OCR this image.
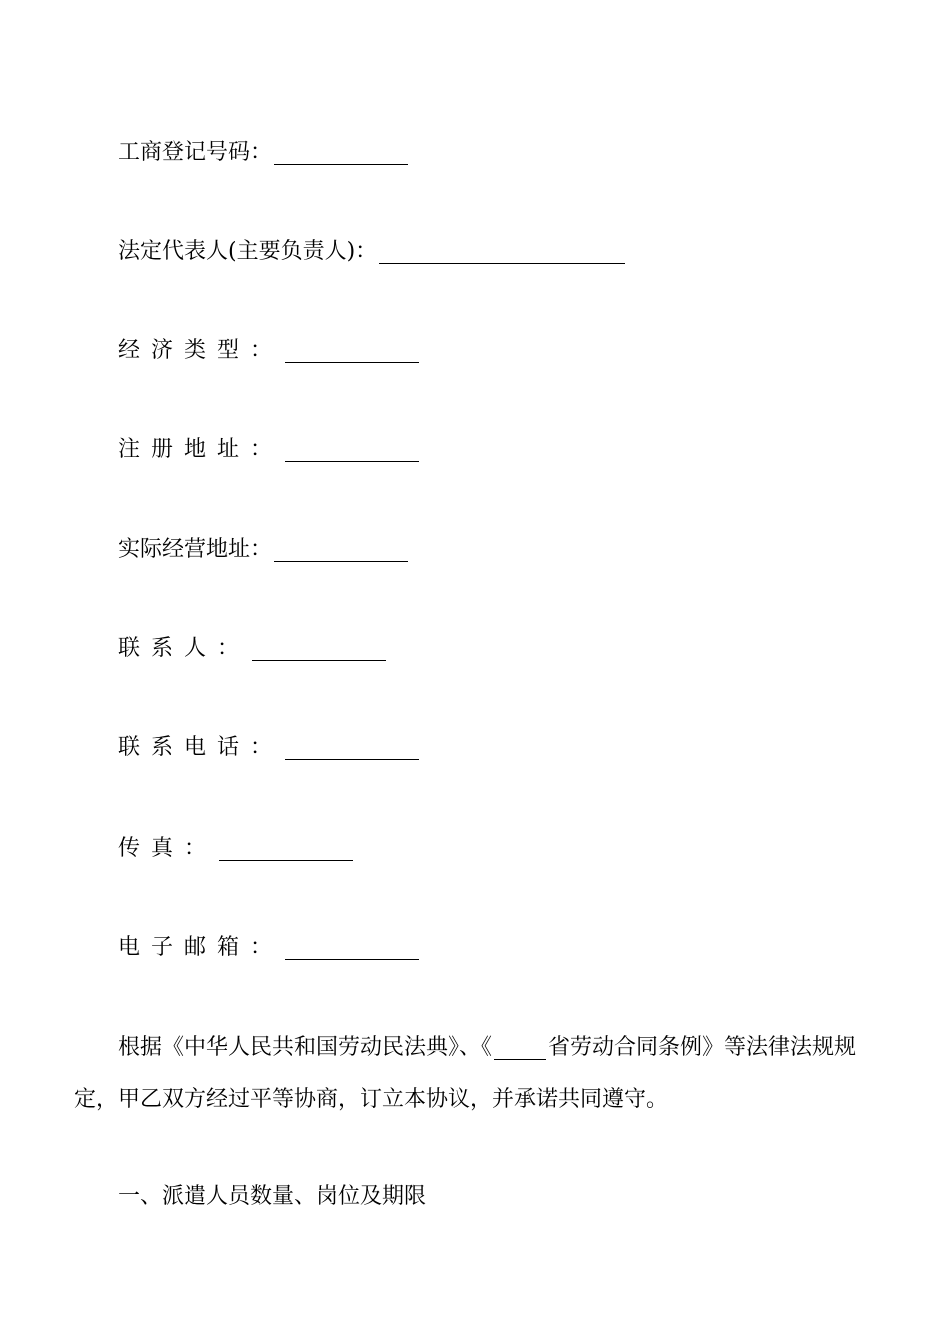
工商登记号码：
法定代表人(主要负责人)：
经济类型：
注册地址：
实际经营地址：
联系人：
联系电话：
传真：
电子邮箱：
根据《中华人民共和国劳动民法典》、《	省劳动合同条例》等法律法规规定，甲乙双方经过平等协商，订立本协议，并承诺共同遵守。
一、派遣人员数量、岗位及期限
